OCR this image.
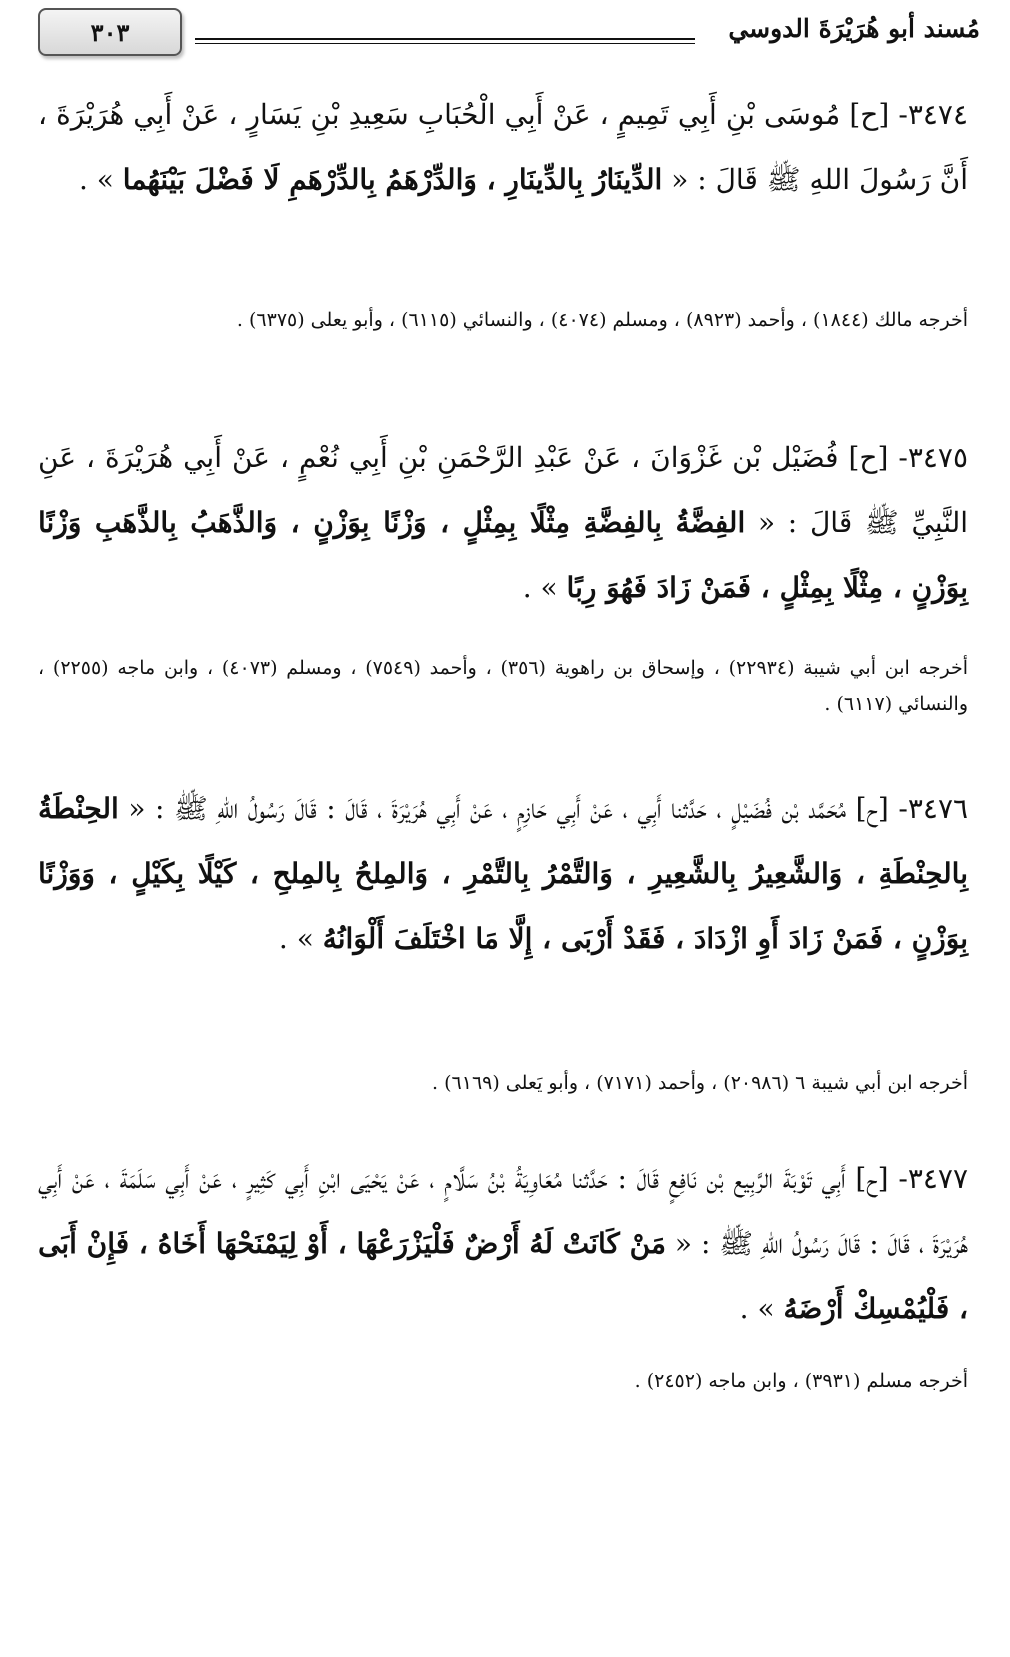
٣٠٣	مُسند أبو هُرَيْرَةَ الدوسي
٣٤٧٤- [ح] مُوسَى بْنِ أَبِي تَمِيمٍ ، عَنْ أَبِي الْحُبَابِ سَعِيدِ بْنِ يَسَارٍ ، عَنْ أَبِي هُرَيْرَةَ ، أَنَّ رَسُولَ اللهِ ﷺ قَالَ : « الدِّينَارُ بِالدِّينَارِ ، وَالدِّرْهَمُ بِالدِّرْهَمِ لَا فَضْلَ بَيْنَهُما » .
أخرجه مالك (١٨٤٤) ، وأحمد (٨٩٢٣) ، ومسلم (٤٠٧٤) ، والنسائي (٦١١٥) ، وأبو يعلى (٦٣٧٥) .
٣٤٧٥- [ح] فُضَيْل بْن غَزْوَانَ ، عَنْ عَبْدِ الرَّحْمَنِ بْنِ أَبِي نُعْمٍ ، عَنْ أَبِي هُرَيْرَةَ ، عَنِ النَّبِيِّ ﷺ قَالَ : « الفِضَّةُ بِالفِضَّةِ مِثْلًا بِمِثْلٍ ، وَزْنًا بِوَزْنٍ ، وَالذَّهَبُ بِالذَّهَبِ وَزْنًا بِوَزْنٍ ، مِثْلًا بِمِثْلٍ ، فَمَنْ زَادَ فَهُوَ رِبًا » .
أخرجه ابن أبي شيبة (٢٢٩٣٤) ، وإسحاق بن راهوية (٣٥٦) ، وأحمد (٧٥٤٩) ، ومسلم (٤٠٧٣) ، وابن ماجه (٢٢٥٥) ، والنسائي (٦١١٧) .
٣٤٧٦- [ح] مُحَمَّد بْن فُضَيْلٍ ، حَدَّثنا أَبِي ، عَنْ أَبِي حَازِمٍ ، عَنْ أَبِي هُرَيْرَةَ ، قَالَ : قَالَ رَسُولُ اللهِ ﷺ : « الحِنْطَةُ بِالحِنْطَةِ ، وَالشَّعِيرُ بِالشَّعِيرِ ، وَالتَّمْرُ بِالتَّمْرِ ، وَالمِلحُ بِالمِلحِ ، كَيْلًا بِكَيْلٍ ، وَوَزْنًا بِوَزْنٍ ، فَمَنْ زَادَ أَوِ ازْدَادَ ، فَقَدْ أَرْبَى ، إِلَّا مَا اخْتَلَفَ أَلْوَانُهُ » .
أخرجه ابن أبي شيبة ٦ (٢٠٩٨٦) ، وأحمد (٧١٧١) ، وأبو يَعلى (٦١٦٩) .
٣٤٧٧- [ح] أَبِي تَوْبَةَ الرَّبِيع بْن نَافِعٍ قَالَ : حَدَّثنا مُعَاوِيَةُ بْنُ سَلَّامٍ ، عَنْ يَحْيَى ابْنِ أَبِي كَثِيرٍ ، عَنْ أَبِي سَلَمَةَ ، عَنْ أَبِي هُرَيْرَةَ ، قَالَ : قَالَ رَسُولُ اللهِ ﷺ : « مَنْ كَانَتْ لَهُ أَرْضٌ فَلْيَزْرَعْهَا ، أَوْ لِيَمْنَحْهَا أَخَاهُ ، فَإِنْ أَبَى ، فَلْيُمْسِكْ أَرْضَهُ » .
أخرجه مسلم (٣٩٣١) ، وابن ماجه (٢٤٥٢) .
